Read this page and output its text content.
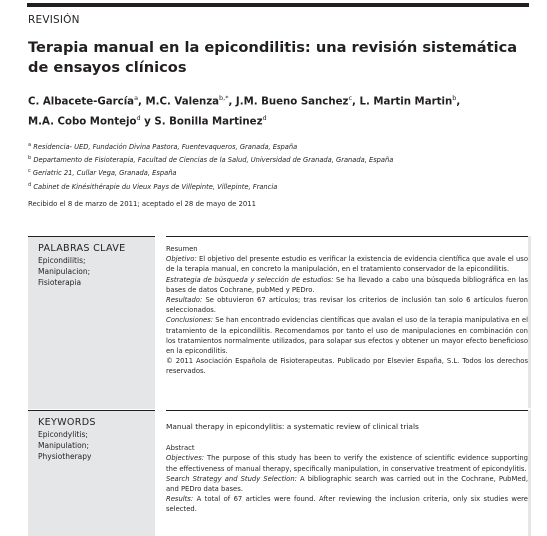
REVISIÓN
Terapia manual en la epicondilitis: una revisión sistemática
de ensayos clínicos
C. Albacete-García$^a$, M.C. Valenza$^{b,*}$, J.M. Bueno Sanchez$^c$, L. Martin Martin$^b$,
M.A. Cobo Montejo$^d$ y S. Bonilla Martinez$^d$
$^a$ Residencia- UED, Fundación Divina Pastora, Fuentevaqueros, Granada, España
$^b$ Departamento de Fisioterapia, Facultad de Ciencias de la Salud, Universidad de Granada, Granada, España
$^c$ Geriatric 21, Cullar Vega, Granada, España
$^d$ Cabinet de Kinésithérapie du Vieux Pays de Villepinte, Villepinte, Francia
Recibido el 8 de marzo de 2011; aceptado el 28 de mayo de 2011
PALABRAS CLAVE
Epicondilitis;
Manipulacion;
Fisioterapia
Resumen

Objetivo: El objetivo del presente estudio es verificar la existencia de evidencia científica que avale el uso de la terapia manual, en concreto la manipulación, en el tratamiento conservador de la epicondilitis.

Estrategia de búsqueda y selección de estudios: Se ha llevado a cabo una búsqueda bibliográfica en las bases de datos Cochrane, pubMed y PEDro.

Resultado: Se obtuvieron 67 artículos; tras revisar los criterios de inclusión tan solo 6 artículos fueron seleccionados.

Conclusiones: Se han encontrado evidencias científicas que avalan el uso de la terapia manipulativa en el tratamiento de la epicondilitis. Recomendamos por tanto el uso de manipulaciones en combinación con los tratamientos normalmente utilizados, para solapar sus efectos y obtener un mayor efecto beneficioso en la epicondilitis.

© 2011 Asociación Española de Fisioterapeutas. Publicado por Elsevier España, S.L. Todos los derechos reservados.

KEYWORDS
Epicondylitis;
Manipulation;
Physiotherapy
Manual therapy in epicondylitis: a systematic review of clinical trials
Abstract

Objectives: The purpose of this study has been to verify the existence of scientific evidence supporting the effectiveness of manual therapy, specifically manipulation, in conservative treatment of epicondylitis.

Search Strategy and Study Selection: A bibliographic search was carried out in the Cochrane, PubMed, and PEDro data bases.

Results: A total of 67 articles were found. After reviewing the inclusion criteria, only six studies were selected.
